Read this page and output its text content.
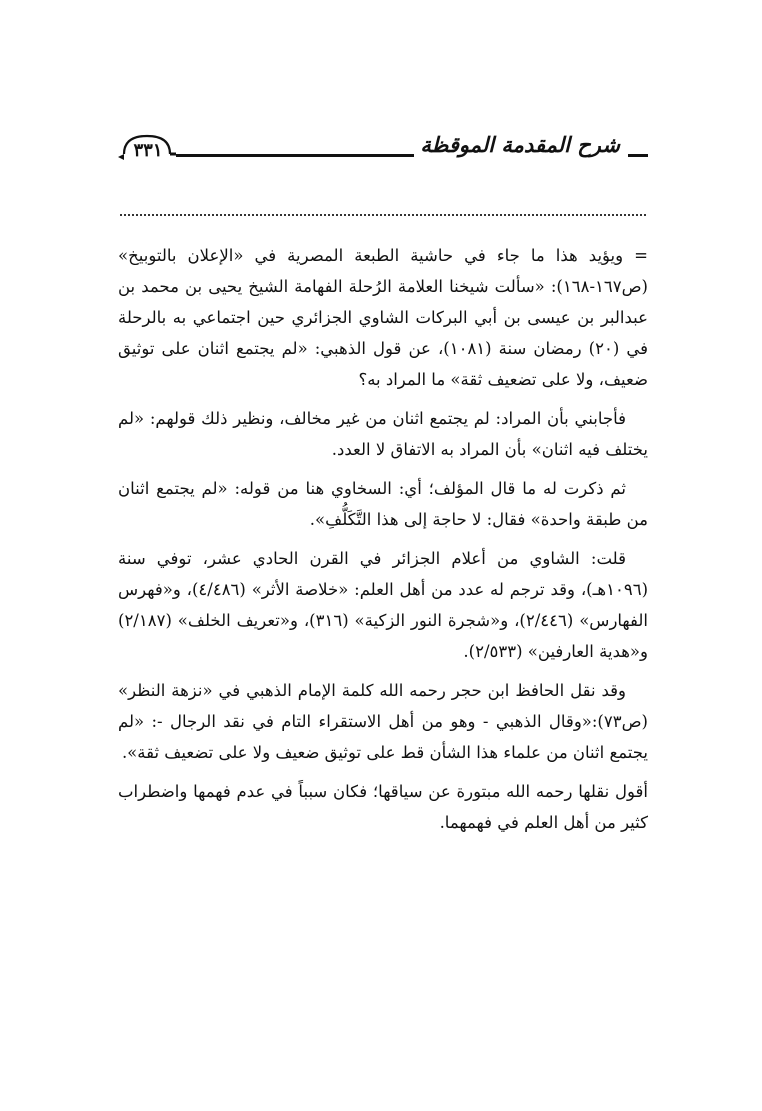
٣٣١	شرح المقدمة الموقظة

= ويؤيد هذا ما جاء في حاشية الطبعة المصرية في «الإعلان بالتوبيخ» (ص١٦٧-١٦٨): «سألت شيخنا العلامة الرُحلة الفهامة الشيخ يحيى بن محمد بن عبدالبر بن عيسى بن أبي البركات الشاوي الجزائري حين اجتماعي به بالرحلة في (٢٠) رمضان سنة (١٠٨١)، عن قول الذهبي: «لم يجتمع اثنان على توثيق ضعيف، ولا على تضعيف ثقة» ما المراد به؟

فأجابني بأن المراد: لم يجتمع اثنان من غير مخالف، ونظير ذلك قولهم: «لم يختلف فيه اثنان» بأن المراد به الاتفاق لا العدد.

ثم ذكرت له ما قال المؤلف؛ أي: السخاوي هنا من قوله: «لم يجتمع اثنان من طبقة واحدة» فقال: لا حاجة إلى هذا التَّكَلُّفِ».

قلت: الشاوي من أعلام الجزائر في القرن الحادي عشر، توفي سنة (١٠٩٦هـ)، وقد ترجم له عدد من أهل العلم: «خلاصة الأثر» (٤/٤٨٦)، و«فهرس الفهارس» (٢/٤٤٦)، و«شجرة النور الزكية» (٣١٦)، و«تعريف الخلف» (٢/١٨٧) و«هدية العارفين» (٢/٥٣٣).

وقد نقل الحافظ ابن حجر رحمه الله كلمة الإمام الذهبي في «نزهة النظر» (ص٧٣):«وقال الذهبي - وهو من أهل الاستقراء التام في نقد الرجال -: «لم يجتمع اثنان من علماء هذا الشأن قط على توثيق ضعيف ولا على تضعيف ثقة».

أقول نقلها رحمه الله مبتورة عن سياقها؛ فكان سبباً في عدم فهمها واضطراب كثير من أهل العلم في فهمهما.
